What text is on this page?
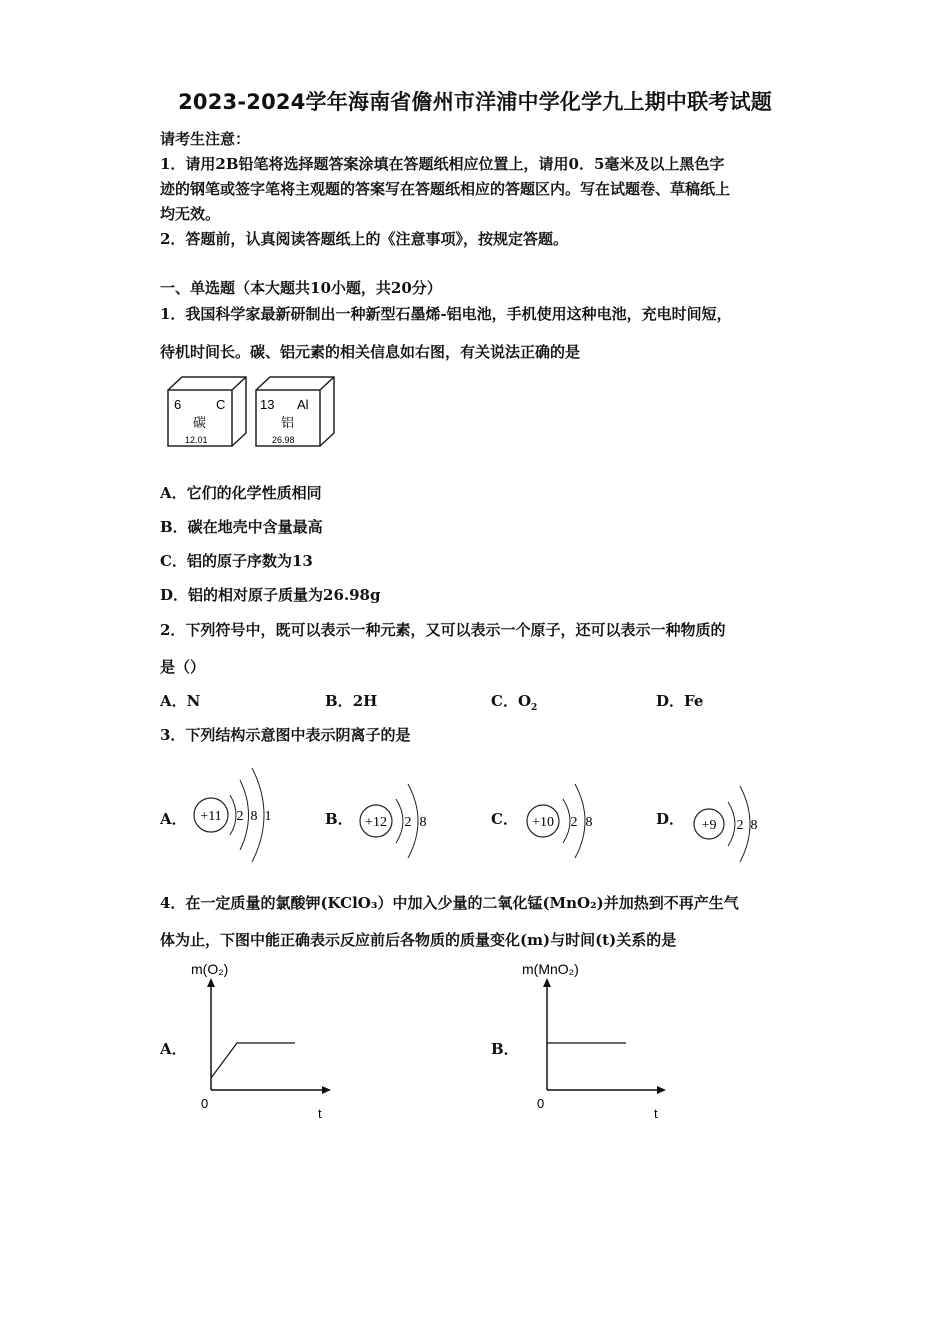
2023-2024学年海南省儋州市洋浦中学化学九上期中联考试题
请考生注意：
1．请用2B铅笔将选择题答案涂填在答题纸相应位置上，请用0．5毫米及以上黑色字
迹的钢笔或签字笔将主观题的答案写在答题纸相应的答题区内。写在试题卷、草稿纸上
均无效。
2．答题前，认真阅读答题纸上的《注意事项》，按规定答题。
一、单选题（本大题共10小题，共20分）
1．我国科学家最新研制出一种新型石墨烯-铝电池，手机使用这种电池，充电时间短，
待机时间长。碳、铝元素的相关信息如右图，有关说法正确的是
6	C
碳
12.01
13 Al
铝
26.98
A．它们的化学性质相同
B．碳在地壳中含量最高
C．铝的原子序数为13
D．铝的相对原子质量为26.98g
2．下列符号中，既可以表示一种元素，又可以表示一个原子，还可以表示一种物质的
是（）
A．N	B．2H	C．$O_2$	D．Fe
3．下列结构示意图中表示阴离子的是
A． +11 2 8 1	B． +12 2 8	C． +10 2 8	D． +9 2 8
4．在一定质量的氯酸钾(KClO₃）中加入少量的二氧化锰(MnO₂)并加热到不再产生气
体为止，下图中能正确表示反应前后各物质的质量变化(m)与时间(t)关系的是
A．
m(O₂)
0
t
B．
m(MnO₂)
0
t
